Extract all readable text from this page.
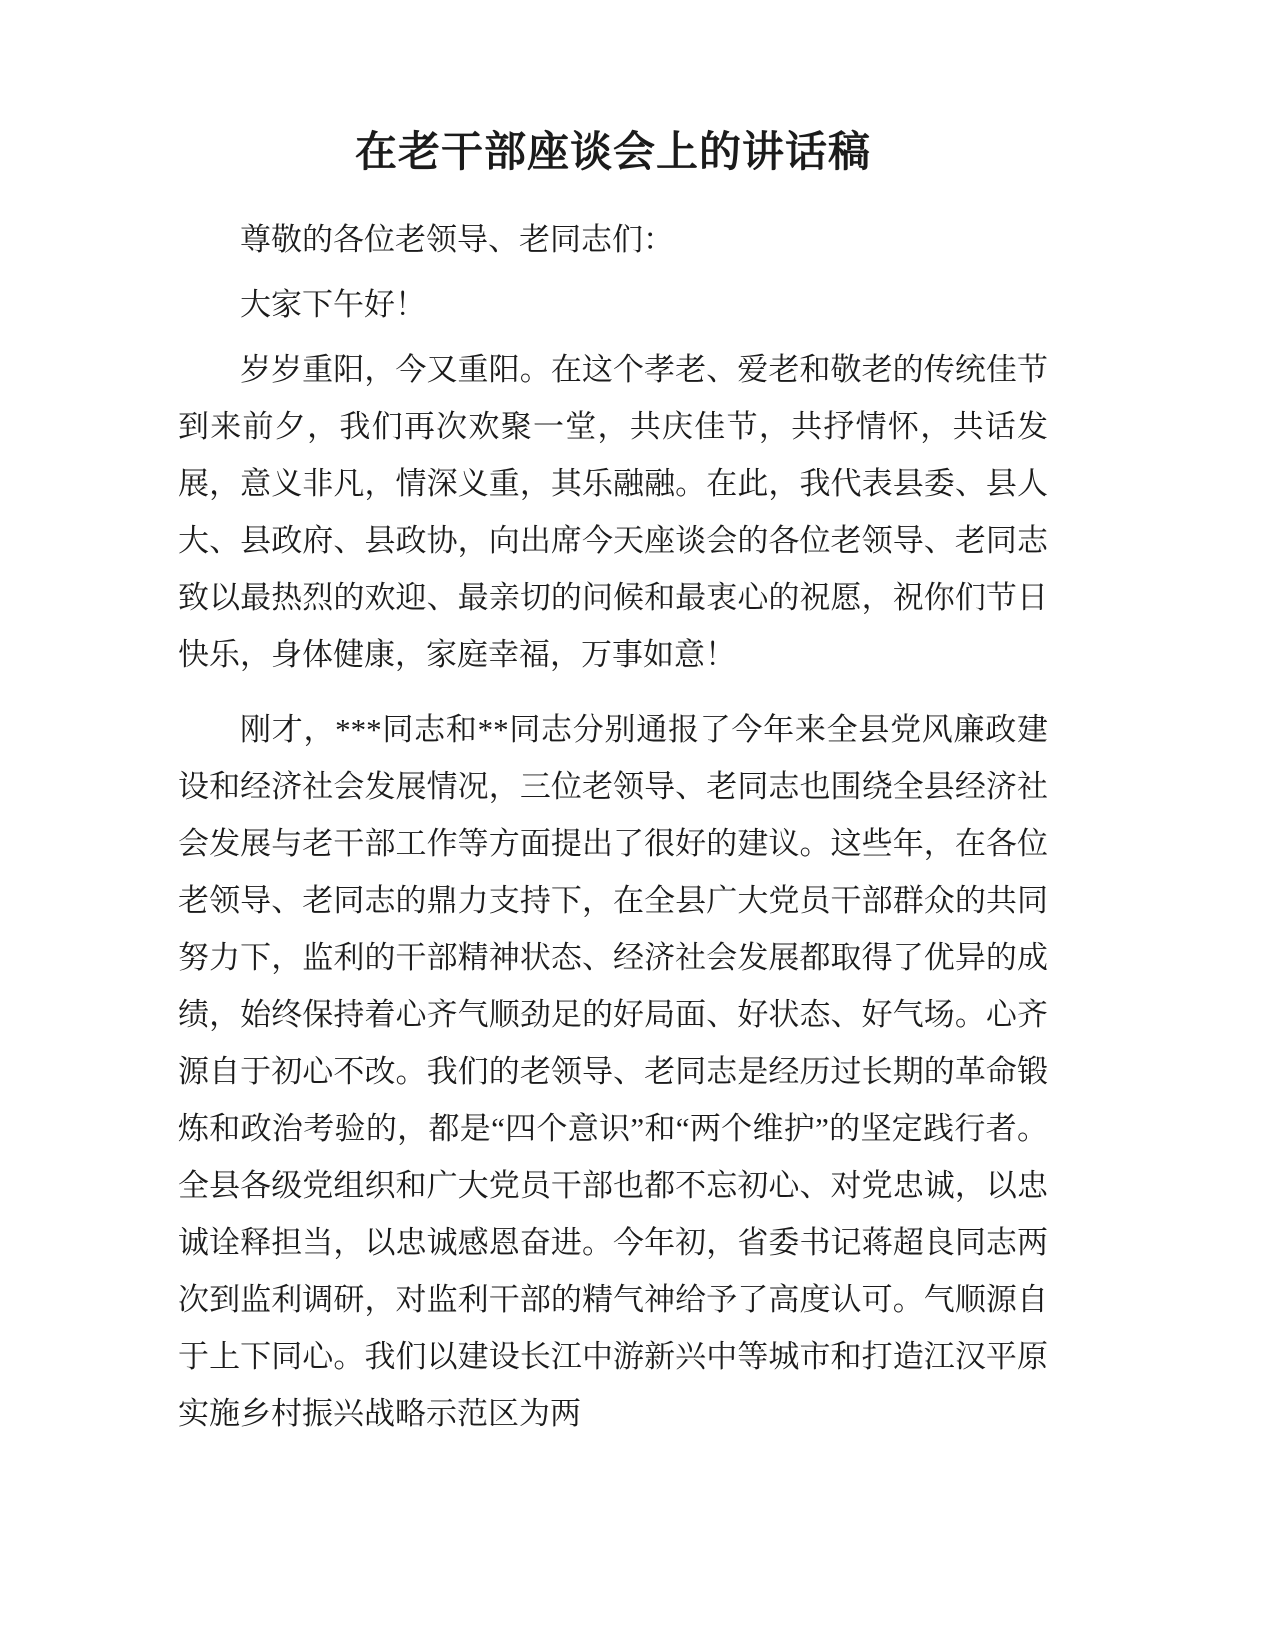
在老干部座谈会上的讲话稿

尊敬的各位老领导、老同志们：

大家下午好！

岁岁重阳，今又重阳。在这个孝老、爱老和敬老的传统佳节到来前夕，我们再次欢聚一堂，共庆佳节，共抒情怀，共话发展，意义非凡，情深义重，其乐融融。在此，我代表县委、县人大、县政府、县政协，向出席今天座谈会的各位老领导、老同志致以最热烈的欢迎、最亲切的问候和最衷心的祝愿，祝你们节日快乐，身体健康，家庭幸福，万事如意！

刚才，***同志和**同志分别通报了今年来全县党风廉政建设和经济社会发展情况，三位老领导、老同志也围绕全县经济社会发展与老干部工作等方面提出了很好的建议。这些年，在各位老领导、老同志的鼎力支持下，在全县广大党员干部群众的共同努力下，监利的干部精神状态、经济社会发展都取得了优异的成绩，始终保持着心齐气顺劲足的好局面、好状态、好气场。心齐源自于初心不改。我们的老领导、老同志是经历过长期的革命锻炼和政治考验的，都是“四个意识”和“两个维护”的坚定践行者。全县各级党组织和广大党员干部也都不忘初心、对党忠诚，以忠诚诠释担当，以忠诚感恩奋进。今年初，省委书记蒋超良同志两次到监利调研，对监利干部的精气神给予了高度认可。气顺源自于上下同心。我们以建设长江中游新兴中等城市和打造江汉平原实施乡村振兴战略示范区为两
